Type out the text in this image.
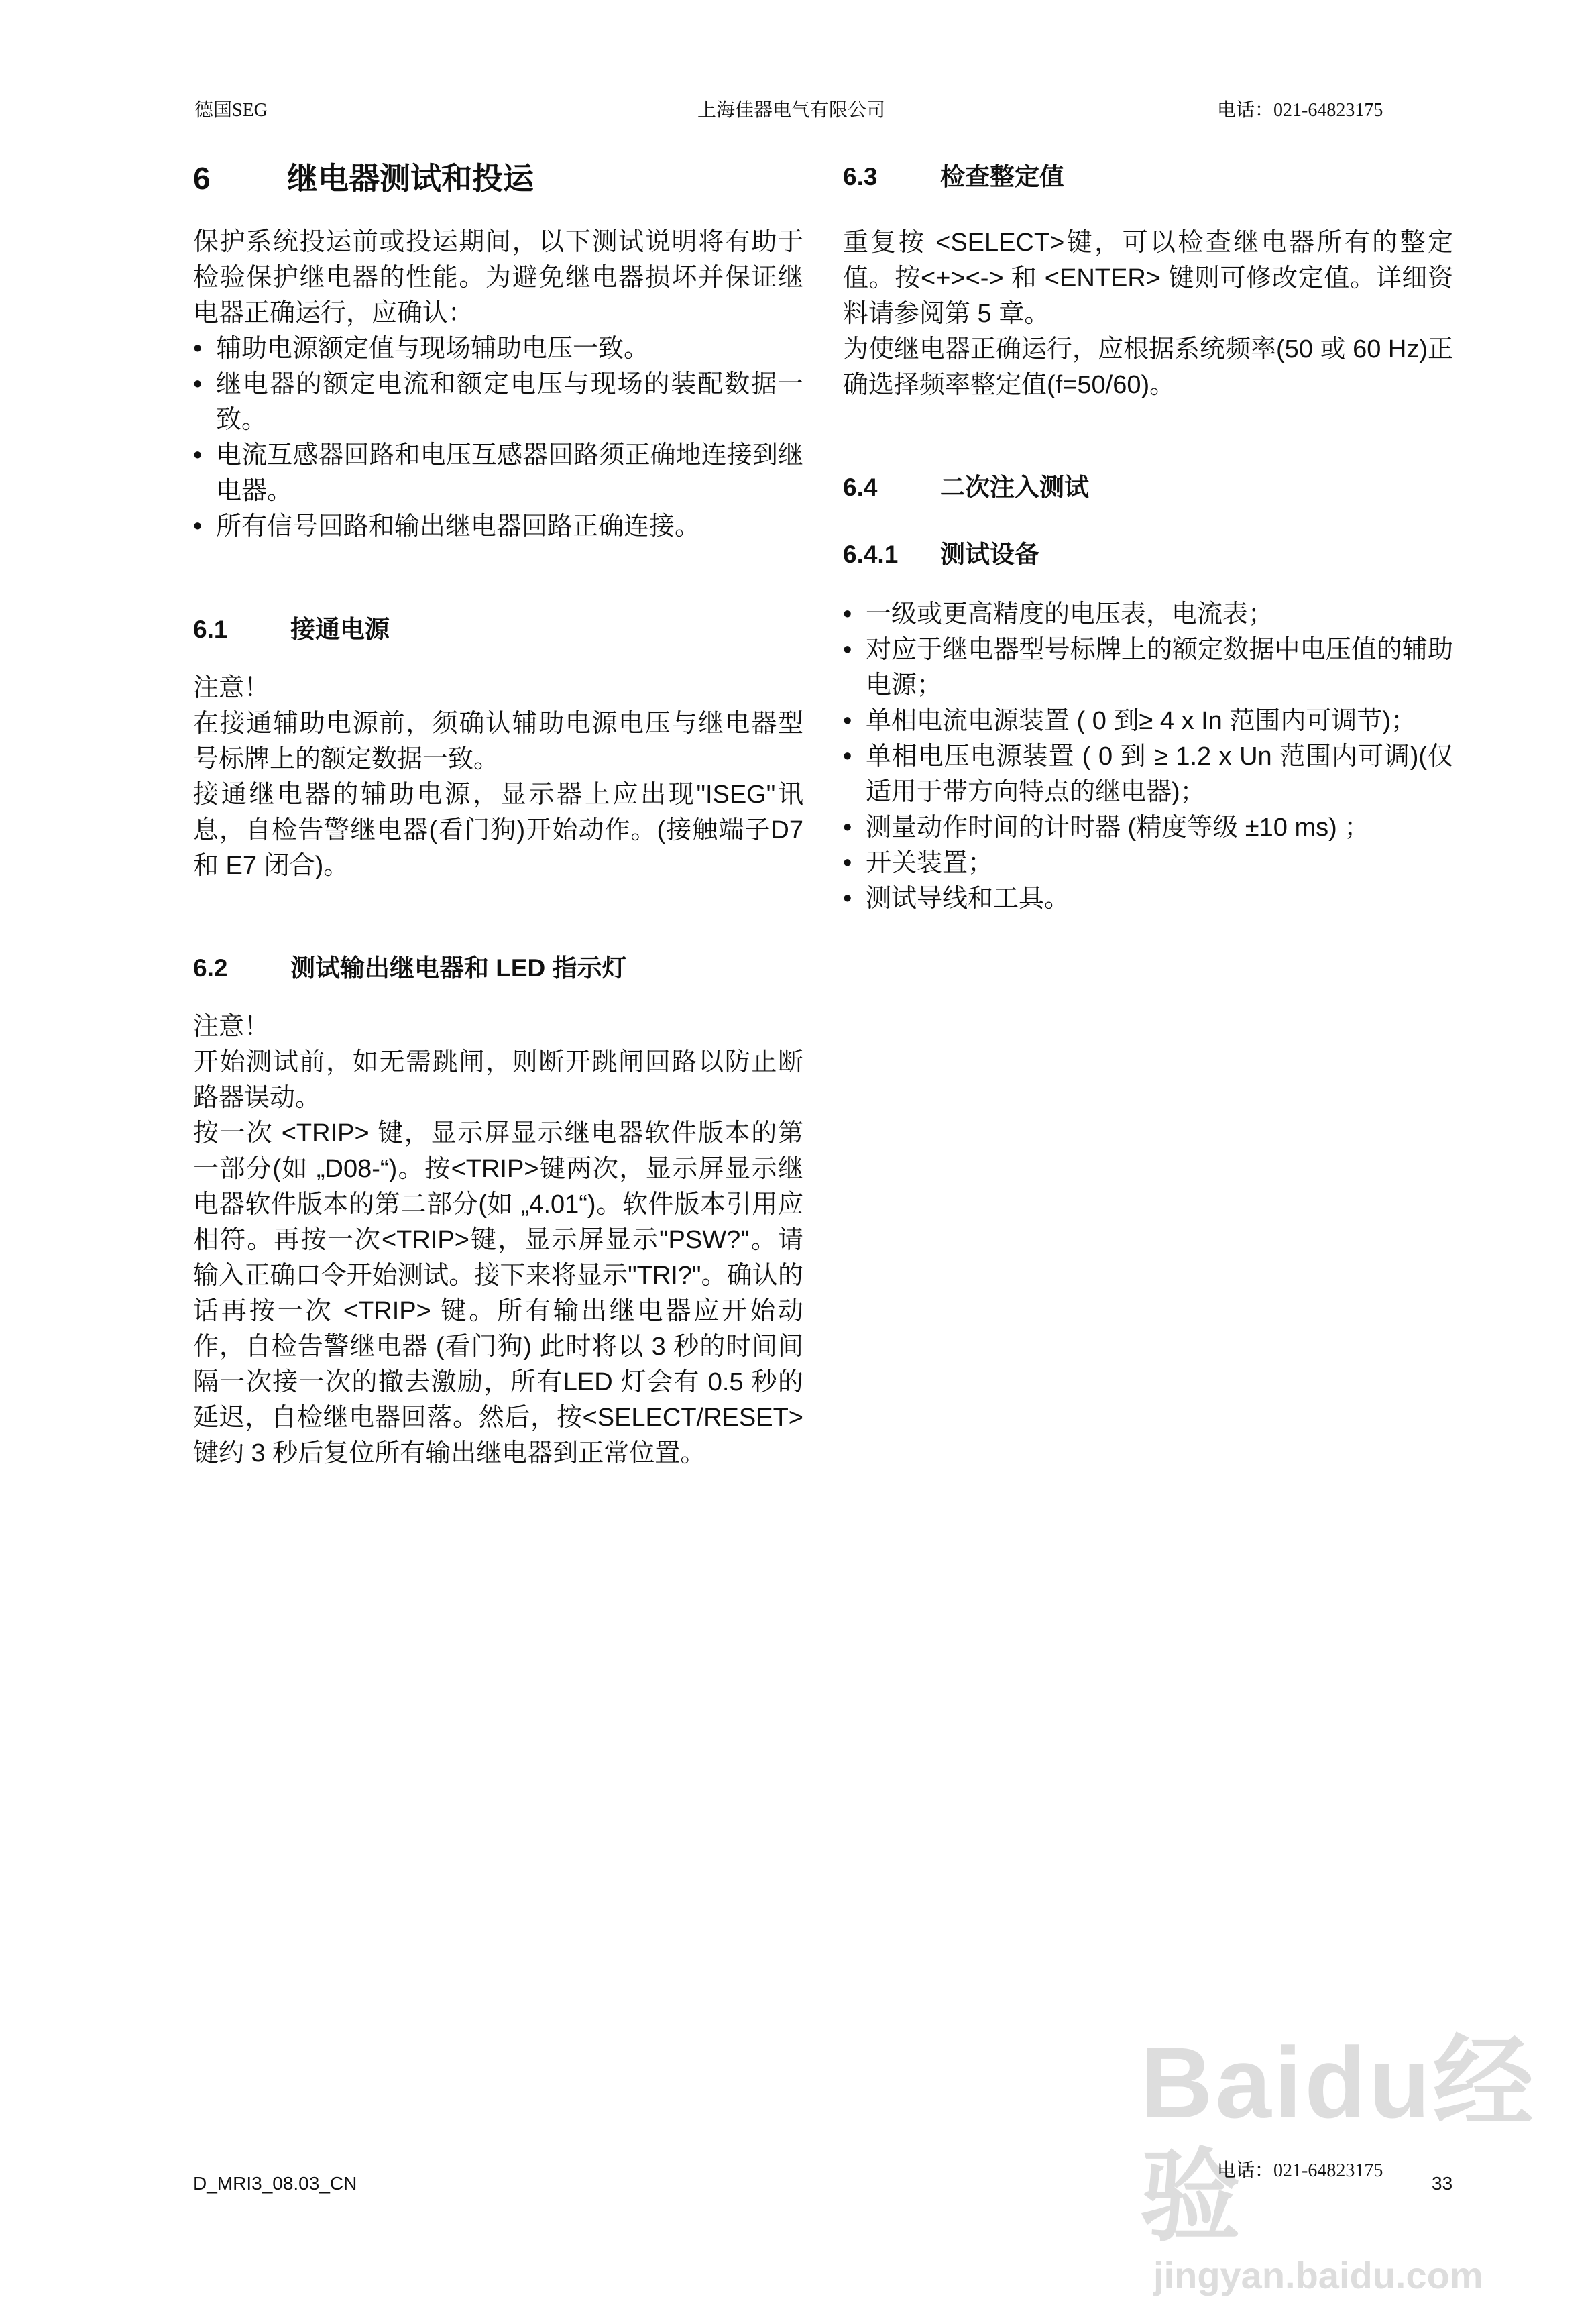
德国SEG	上海佳器电气有限公司	电话：021-64823175
6 继电器测试和投运

保护系统投运前或投运期间，以下测试说明将有助于检验保护继电器的性能。为避免继电器损坏并保证继电器正确运行，应确认：

• 辅助电源额定值与现场辅助电压一致。
• 继电器的额定电流和额定电压与现场的装配数据一致。
• 电流互感器回路和电压互感器回路须正确地连接到继电器。
• 所有信号回路和输出继电器回路正确连接。
6.1	接通电源

注意！

在接通辅助电源前，须确认辅助电源电压与继电器型号标牌上的额定数据一致。

接通继电器的辅助电源，显示器上应出现"ISEG"讯息，自检告警继电器(看门狗)开始动作。(接触端子D7 和 E7 闭合)。

6.2	测试输出继电器和 LED 指示灯

注意！

开始测试前，如无需跳闸，则断开跳闸回路以防止断路器误动。

按一次 <TRIP> 键，显示屏显示继电器软件版本的第一部分(如 „D08-“)。按<TRIP>键两次，显示屏显示继电器软件版本的第二部分(如 „4.01“)。软件版本引用应相符。再按一次<TRIP>键，显示屏显示"PSW?"。请输入正确口令开始测试。接下来将显示"TRI?"。确认的话再按一次 <TRIP> 键。所有输出继电器应开始动作，自检告警继电器 (看门狗) 此时将以 3 秒的时间间隔一次接一次的撤去激励，所有LED 灯会有 0.5 秒的延迟，自检继电器回落。然后，按<SELECT/RESET>键约 3 秒后复位所有输出继电器到正常位置。

6.3	检查整定值

重复按 <SELECT>键，可以检查继电器所有的整定值。按<+><-> 和 <ENTER> 键则可修改定值。详细资料请参阅第 5 章。

为使继电器正确运行，应根据系统频率(50 或 60 Hz)正确选择频率整定值(f=50/60)。

6.4	二次注入测试
6.4.1 测试设备
• 一级或更高精度的电压表，电流表；
• 对应于继电器型号标牌上的额定数据中电压值的辅助电源；
• 单相电流电源装置 ( 0 到≥ 4 x In 范围内可调节)；
• 单相电压电源装置 ( 0 到 ≥ 1.2 x Un 范围内可调)(仅适用于带方向特点的继电器)；
• 测量动作时间的计时器 (精度等级 ±10 ms) ；
• 开关装置；
• 测试导线和工具。
Baidu经验
jingyan.baidu.com
D_MRI3_08.03_CN
电话：021-64823175
33
